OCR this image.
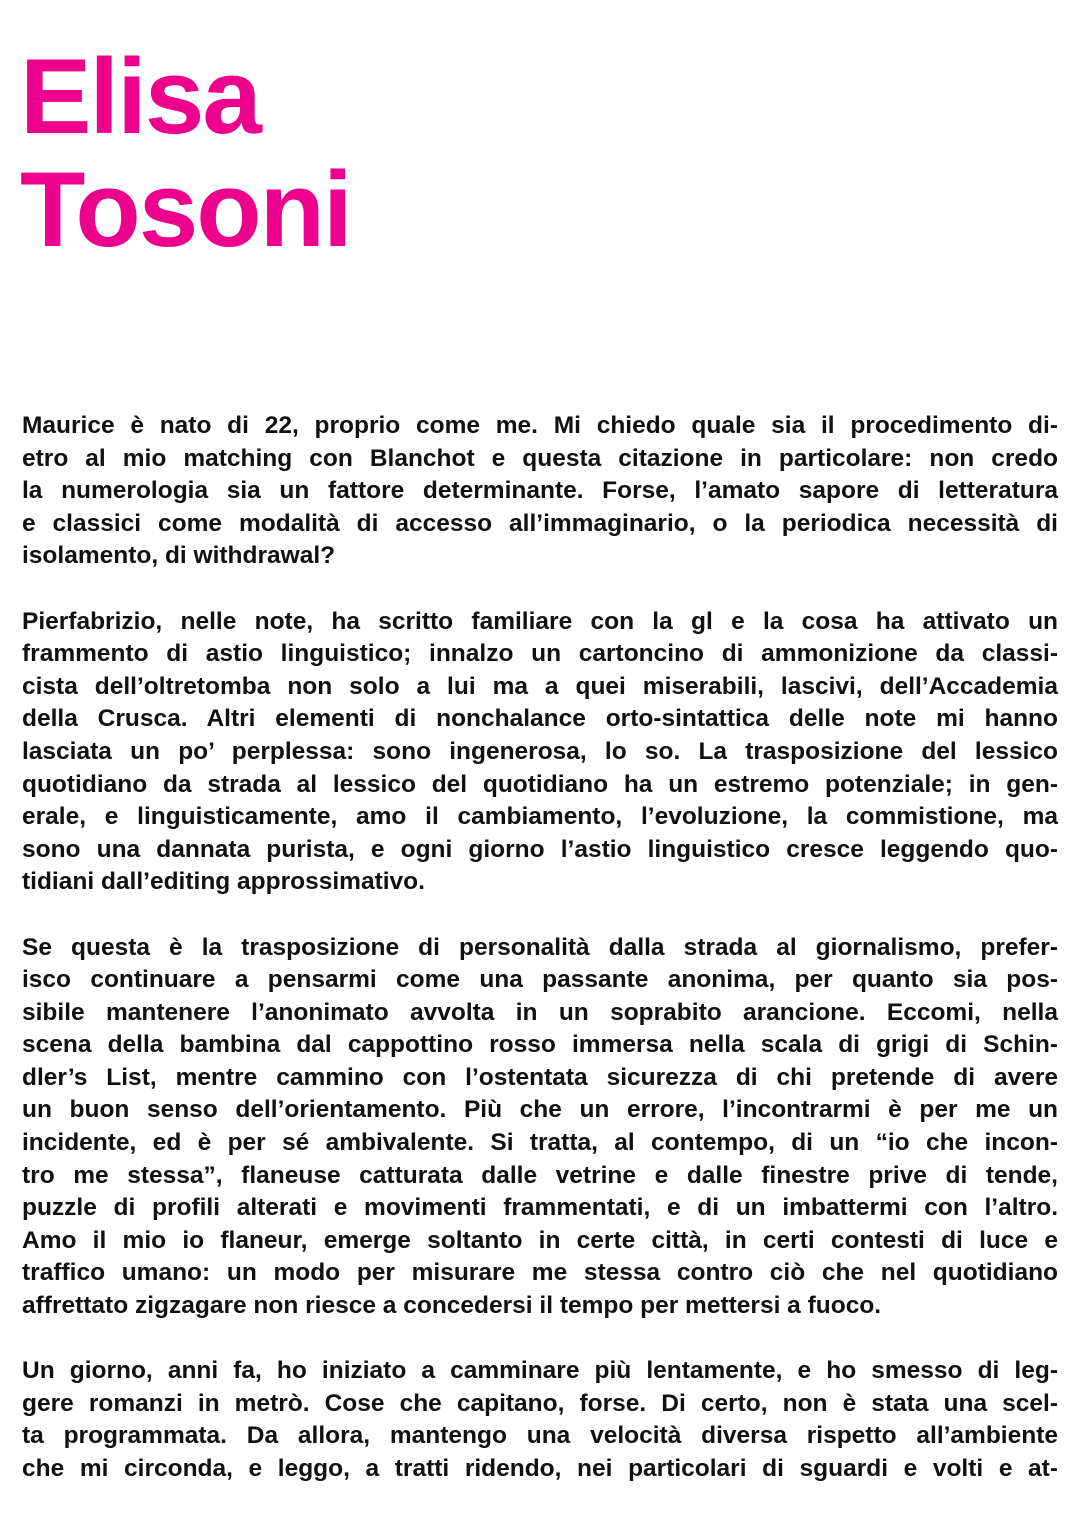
Elisa
Tosoni

Maurice è nato di 22, proprio come me. Mi chiedo quale sia il procedimento di-
etro al mio matching con Blanchot e questa citazione in particolare: non credo
la numerologia sia un fattore determinante. Forse, l’amato sapore di letteratura
e classici come modalità di accesso all’immaginario, o la periodica necessità di
isolamento, di withdrawal?

Pierfabrizio, nelle note, ha scritto familiare con la gl e la cosa ha attivato un
frammento di astio linguistico; innalzo un cartoncino di ammonizione da classi-
cista dell’oltretomba non solo a lui ma a quei miserabili, lascivi, dell’Accademia
della Crusca. Altri elementi di nonchalance orto-sintattica delle note mi hanno
lasciata un po’ perplessa: sono ingenerosa, lo so. La trasposizione del lessico
quotidiano da strada al lessico del quotidiano ha un estremo potenziale; in gen-
erale, e linguisticamente, amo il cambiamento, l’evoluzione, la commistione, ma
sono una dannata purista, e ogni giorno l’astio linguistico cresce leggendo quo-
tidiani dall’editing approssimativo.

Se questa è la trasposizione di personalità dalla strada al giornalismo, prefer-
isco continuare a pensarmi come una passante anonima, per quanto sia pos-
sibile mantenere l’anonimato avvolta in un soprabito arancione. Eccomi, nella
scena della bambina dal cappottino rosso immersa nella scala di grigi di Schin-
dler’s List, mentre cammino con l’ostentata sicurezza di chi pretende di avere
un buon senso dell’orientamento. Più che un errore, l’incontrarmi è per me un
incidente, ed è per sé ambivalente. Si tratta, al contempo, di un “io che incon-
tro me stessa”, flaneuse catturata dalle vetrine e dalle finestre prive di tende,
puzzle di profili alterati e movimenti frammentati, e di un imbattermi con l’altro.
Amo il mio io flaneur, emerge soltanto in certe città, in certi contesti di luce e
traffico umano: un modo per misurare me stessa contro ciò che nel quotidiano
affrettato zigzagare non riesce a concedersi il tempo per mettersi a fuoco.

Un giorno, anni fa, ho iniziato a camminare più lentamente, e ho smesso di leg-
gere romanzi in metrò. Cose che capitano, forse. Di certo, non è stata una scel-
ta programmata. Da allora, mantengo una velocità diversa rispetto all’ambiente
che mi circonda, e leggo, a tratti ridendo, nei particolari di sguardi e volti e at-
